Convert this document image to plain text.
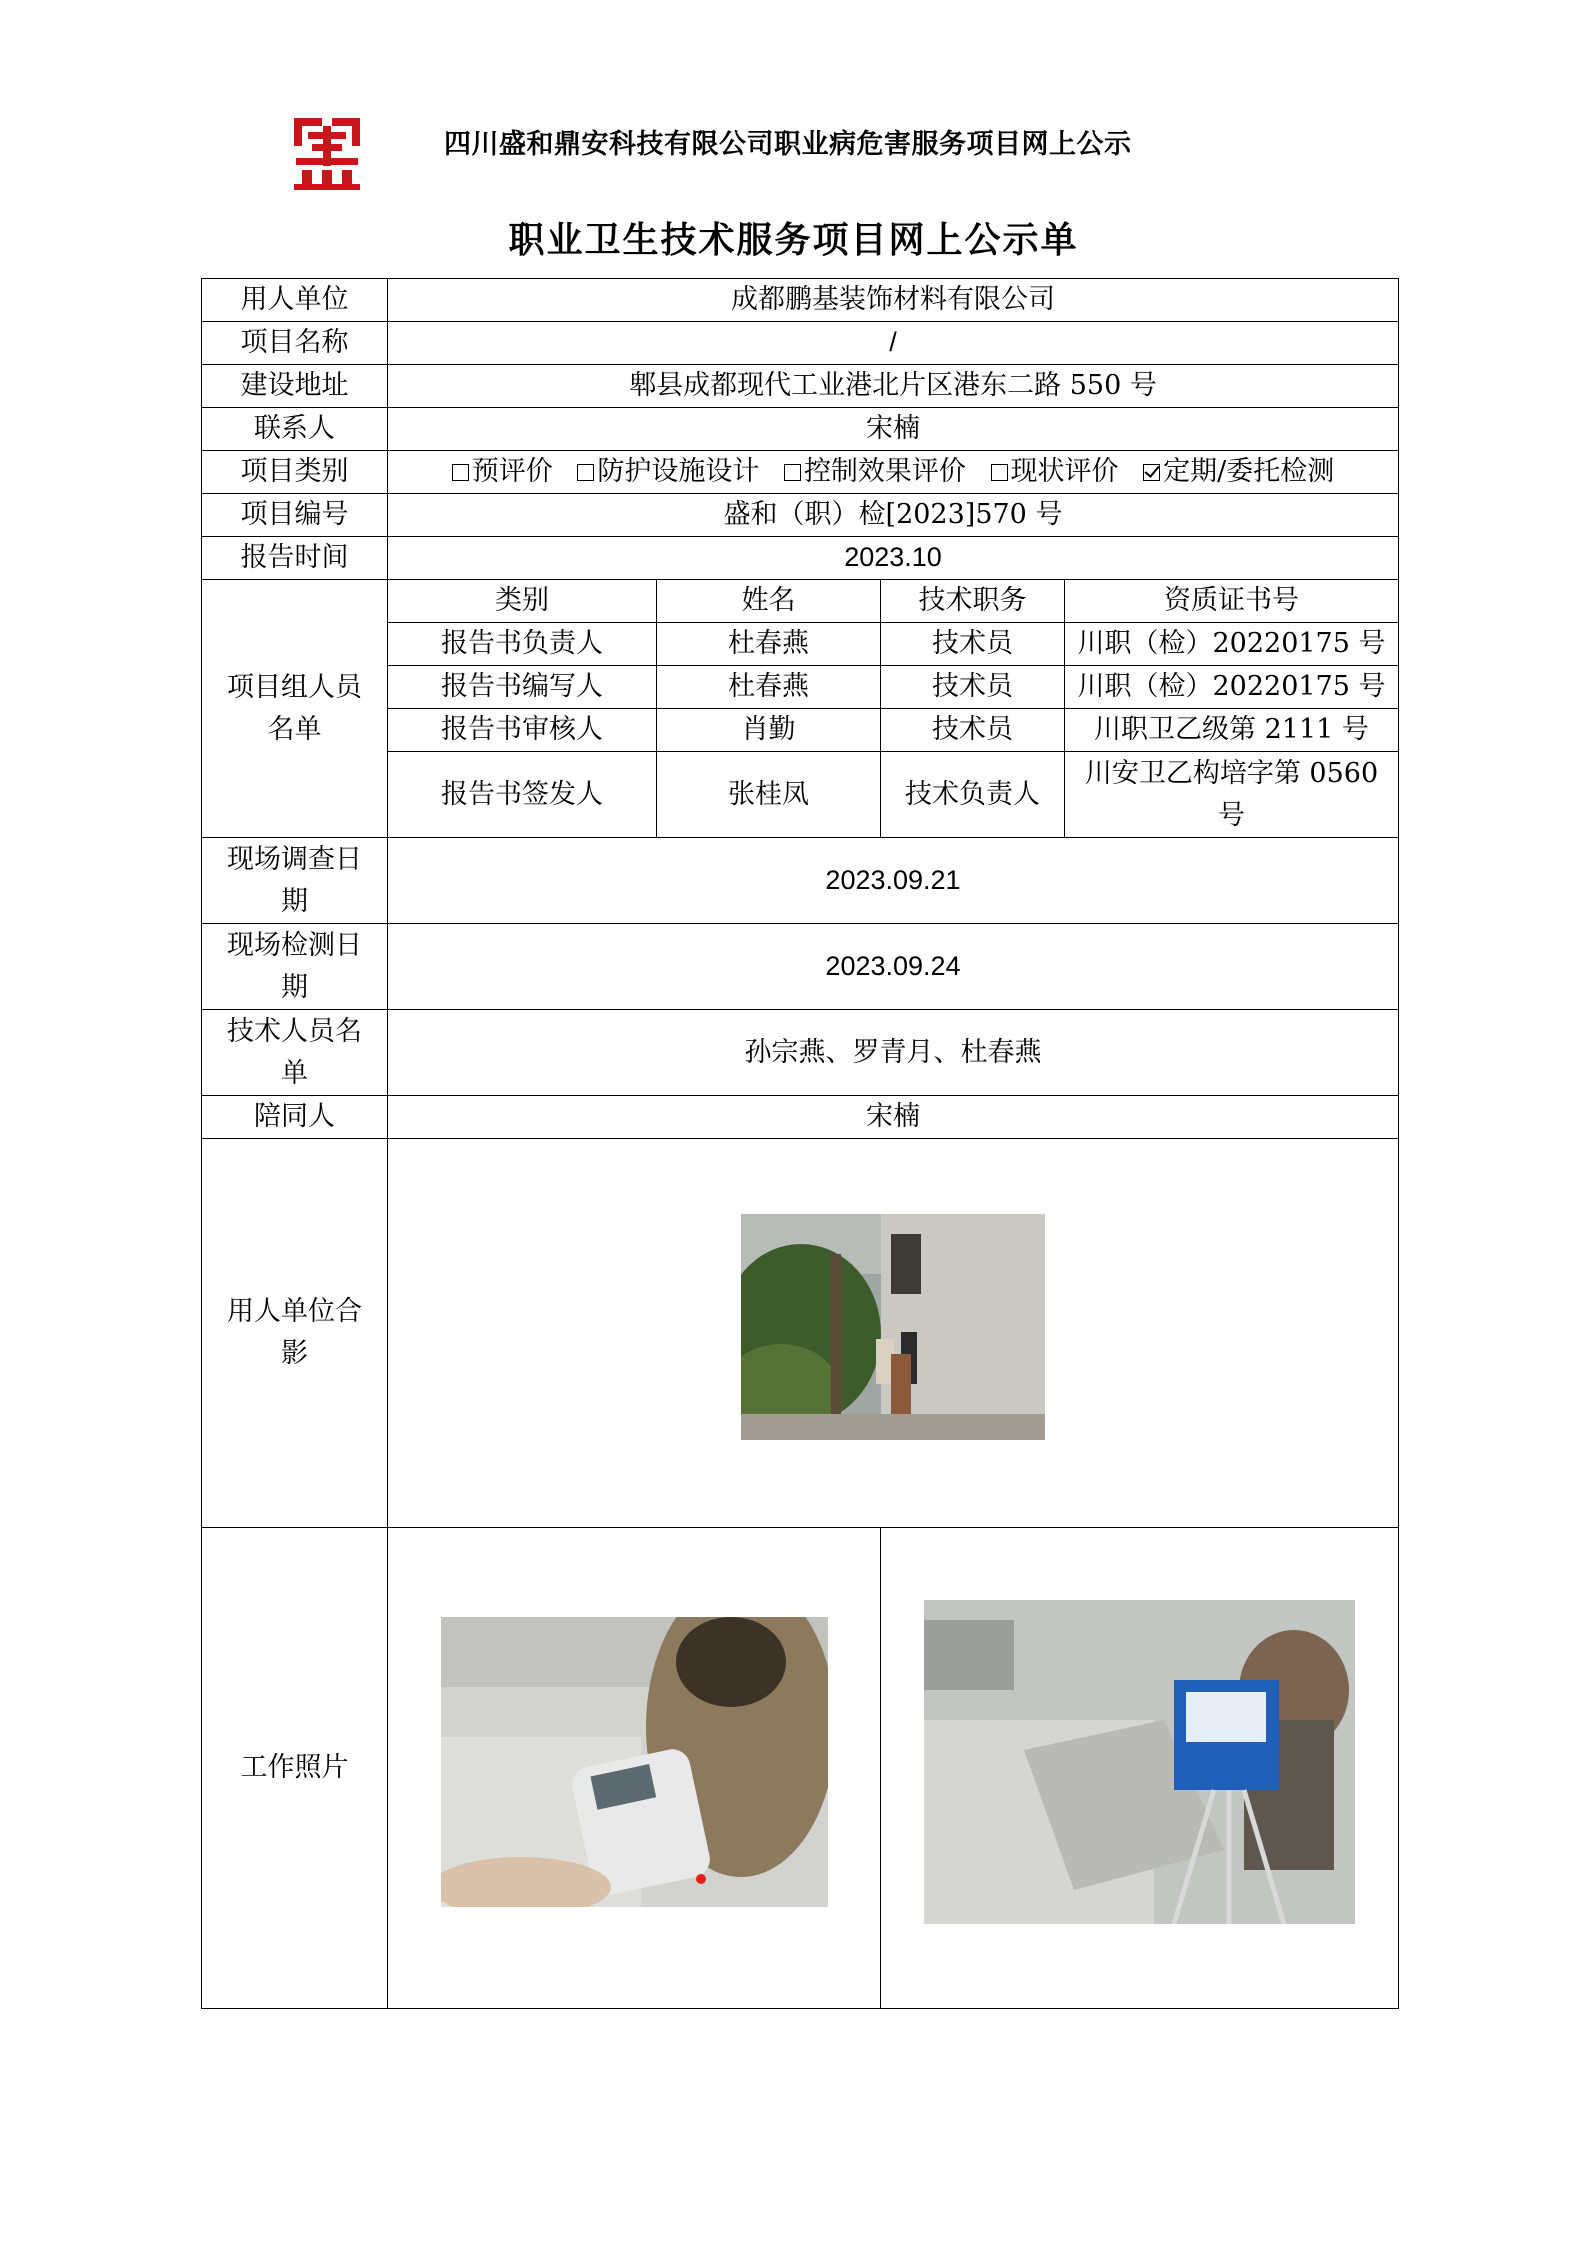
四川盛和鼎安科技有限公司职业病危害服务项目网上公示
职业卫生技术服务项目网上公示单
用人单位	成都鹏基装饰材料有限公司			
项目名称	/			
建设地址	郫县成都现代工业港北片区港东二路 550 号			
联系人	宋楠			
项目类别	预评价 防护设施设计 控制效果评价 现状评价 定期/委托检测			
项目编号	盛和（职）检[2023]570 号			
报告时间	2023.10			

项目组人员
名单	类别	姓名	技术职务	资质证书号
	报告书负责人	杜春燕	技术员	川职（检）20220175 号
	报告书编写人	杜春燕	技术员	川职（检）20220175 号
	报告书审核人	肖勤	技术员	川职卫乙级第 2111 号
	报告书签发人	张桂凤	技术负责人	川安卫乙构培字第 0560 号

现场调查日
期	2023.09.21			

现场检测日
期	2023.09.24			

技术人员名
单	孙宗燕、罗青月、杜春燕			
陪同人	宋楠			

用人单位合
影

工作照片		
